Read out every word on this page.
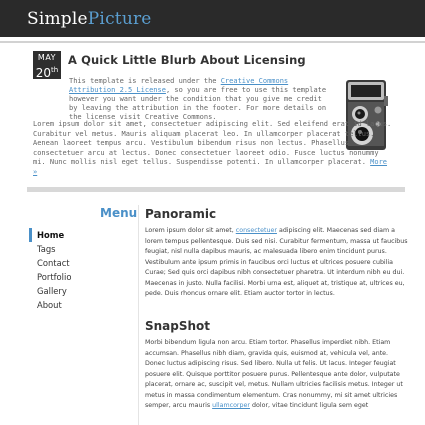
SimplePicture
MAY
20th
A Quick Little Blurb About Licensing
This template is released under the Creative Commons Attribution 2.5 License, so you are free to use this template however you want under the condition that you give me credit by leaving the attribution in the footer. For more details on the license visit Creative Commons.
Lorem ipsum dolor sit amet, consectetuer adipiscing elit. Sed eleifend erat id lacus. Curabitur vel metus. Mauris aliquam placerat leo. In ullamcorper placerat tellus. Aenean laoreet tempus arcu. Vestibulum bibendum risus non lectus. Phasellus consectetuer arcu at lectus. Donec consectetuer laoreet odio. Fusce luctus nonummy mi. Nunc mollis nisl eget tellus. Suspendisse potenti. In ullamcorper placerat. More »
Menu
Home
Tags
Contact
Portfolio
Gallery
About
Panoramic

Lorem ipsum dolor sit amet, consectetuer adipiscing elit. Maecenas sed diam a lorem tempus pellentesque. Duis sed nisi. Curabitur fermentum, massa ut faucibus feugiat, nisl nulla dapibus mauris, ac malesuada libero enim tincidunt purus. Vestibulum ante ipsum primis in faucibus orci luctus et ultrices posuere cubilia Curae; Sed quis orci dapibus nibh consectetuer pharetra. Ut interdum nibh eu dui. Maecenas in justo. Nulla facilisi. Morbi urna est, aliquet at, tristique at, ultrices eu, pede. Duis rhoncus ornare elit. Etiam auctor tortor in lectus.

SnapShot

Morbi bibendum ligula non arcu. Etiam tortor. Phasellus imperdiet nibh. Etiam accumsan. Phasellus nibh diam, gravida quis, euismod at, vehicula vel, ante. Donec luctus adipiscing risus. Sed libero. Nulla ut felis. Ut lacus. Integer feugiat posuere elit. Quisque porttitor posuere purus. Pellentesque ante dolor, vulputate placerat, ornare ac, suscipit vel, metus. Nullam ultricies facilisis metus. Integer ut metus in massa condimentum elementum. Cras nonummy, mi sit amet ultricies semper, arcu mauris ullamcorper dolor, vitae tincidunt ligula sem eget
